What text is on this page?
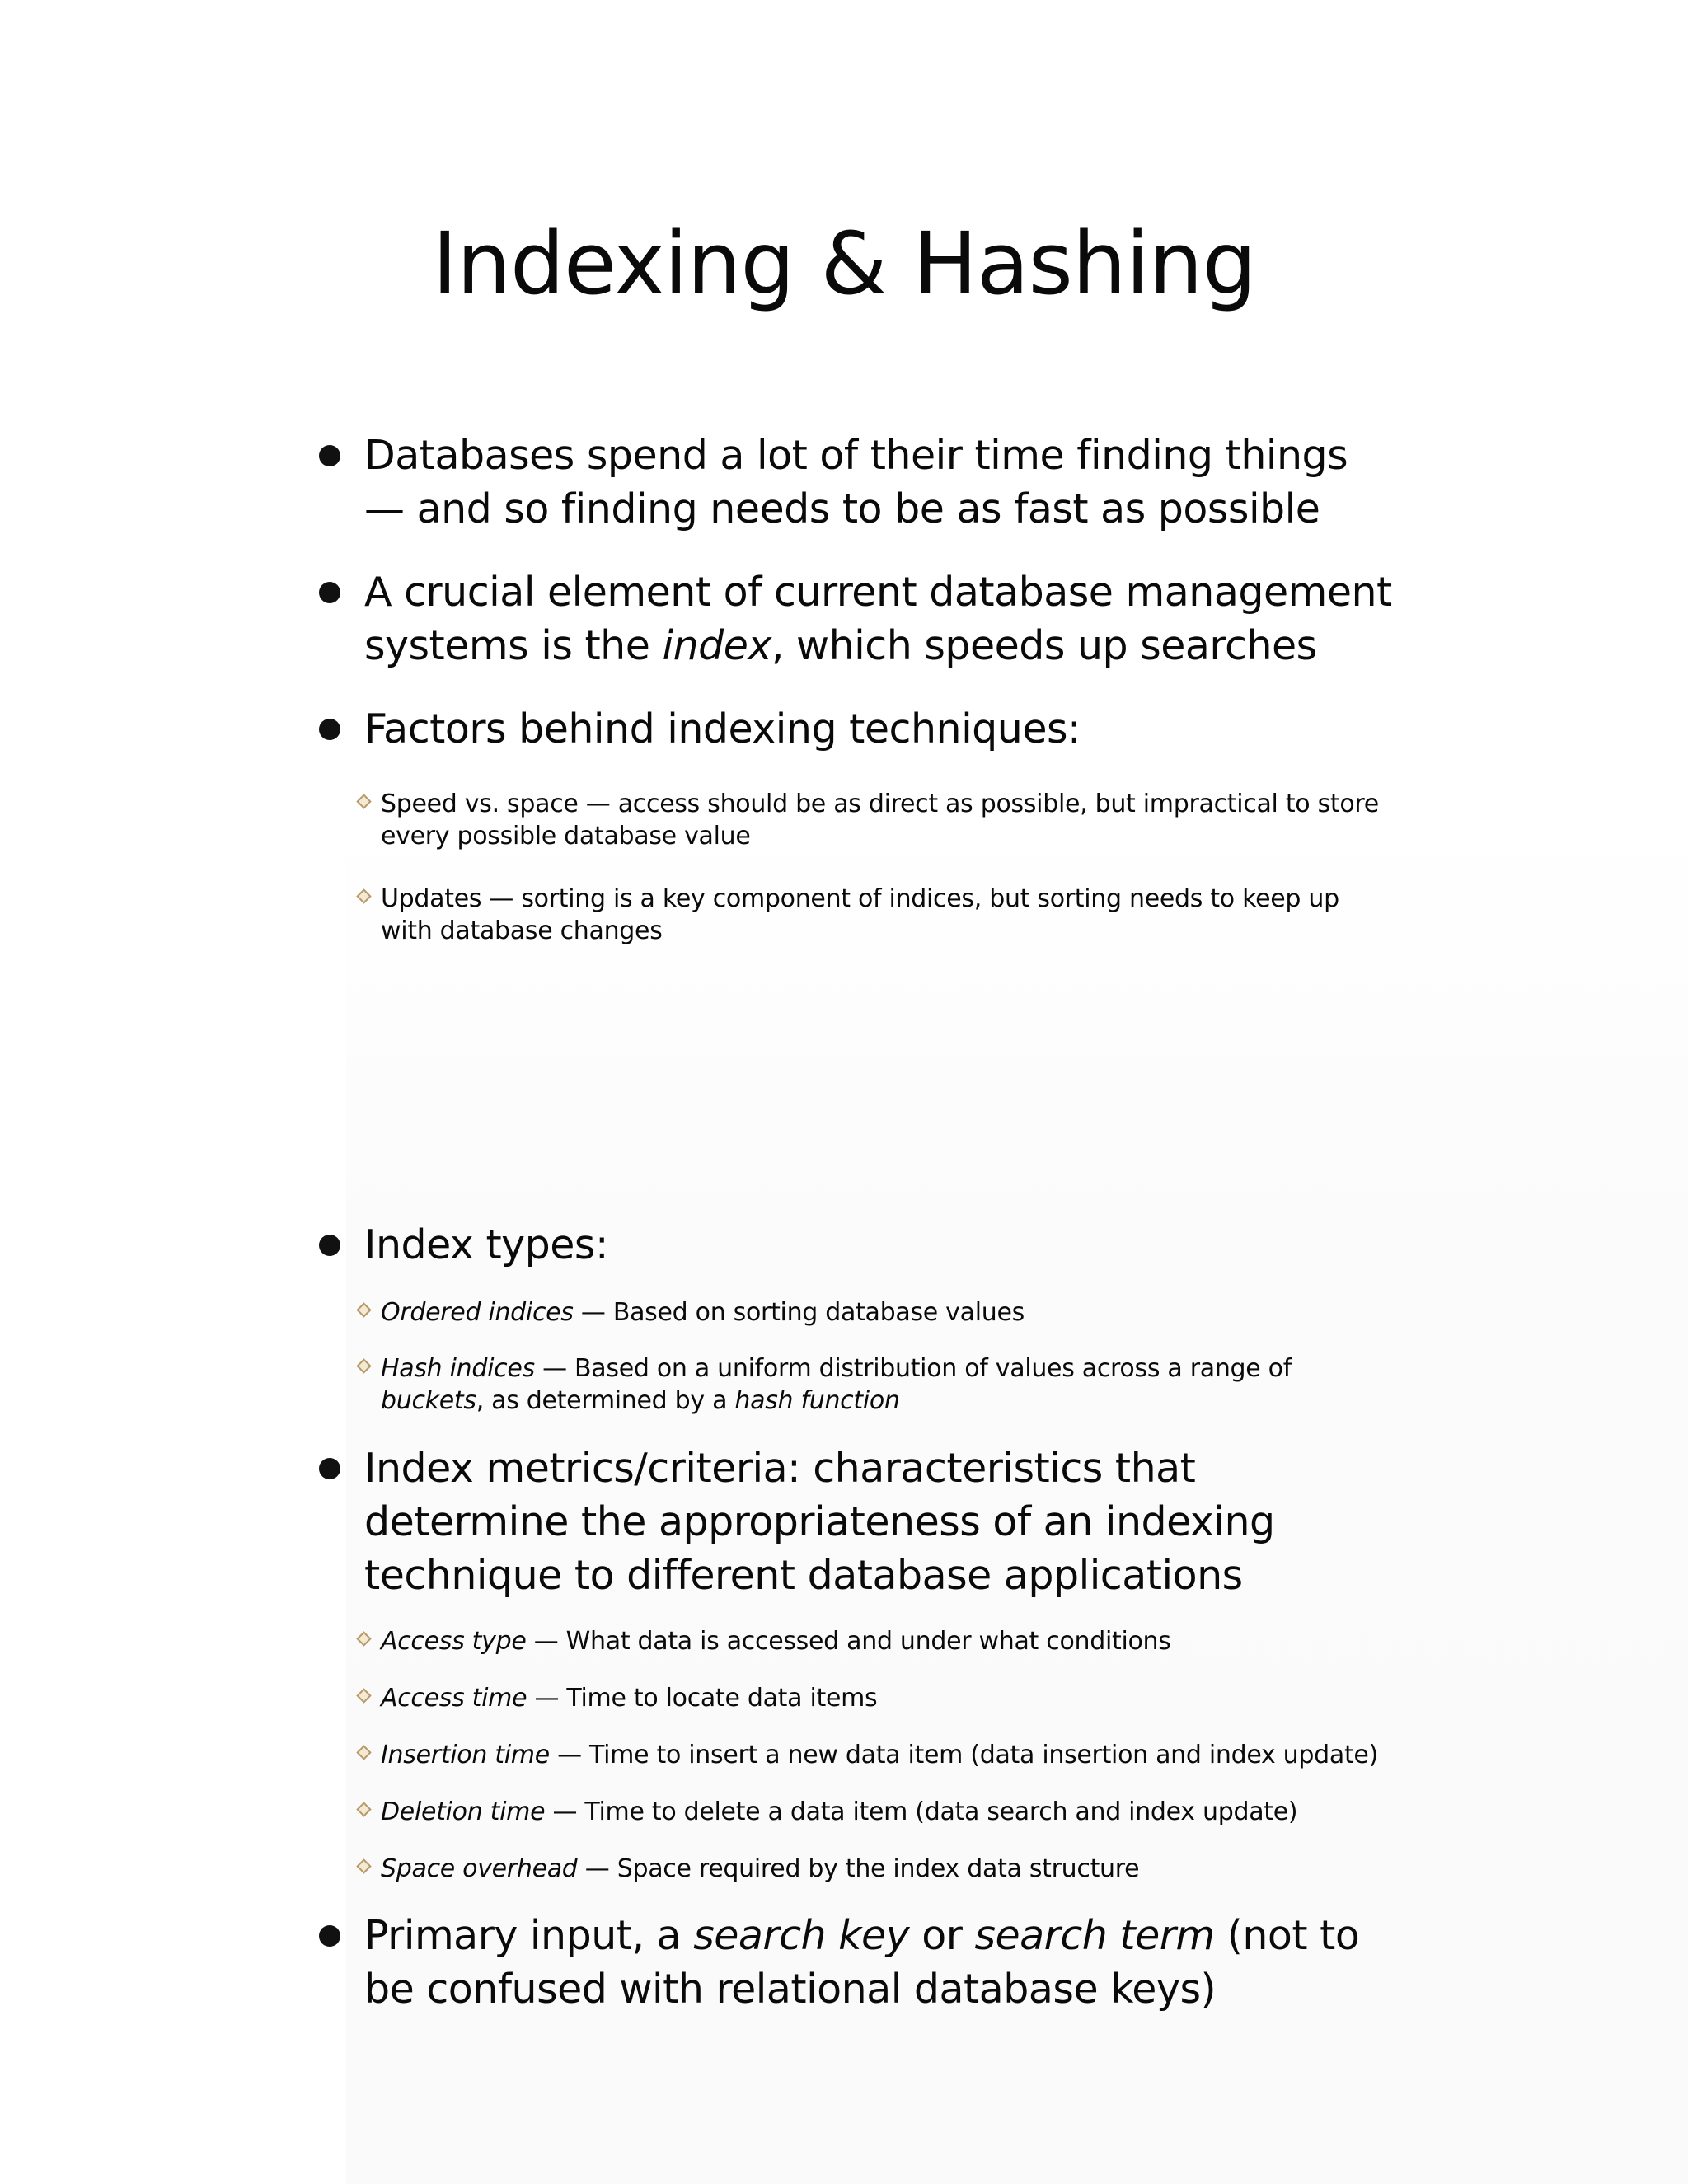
Indexing & Hashing
Databases spend a lot of their time finding things — and so finding needs to be as fast as possible
A crucial element of current database management systems is the index, which speeds up searches
Factors behind indexing techniques:
Speed vs. space — access should be as direct as possible, but impractical to store every possible database value
Updates — sorting is a key component of indices, but sorting needs to keep up with database changes
Index types:
Ordered indices — Based on sorting database values
Hash indices — Based on a uniform distribution of values across a range of buckets, as determined by a hash function
Index metrics/criteria: characteristics that determine the appropriateness of an indexing technique to different database applications
Access type — What data is accessed and under what conditions
Access time — Time to locate data items
Insertion time — Time to insert a new data item (data insertion and index update)
Deletion time — Time to delete a data item (data search and index update)
Space overhead — Space required by the index data structure
Primary input, a search key or search term (not to be confused with relational database keys)
